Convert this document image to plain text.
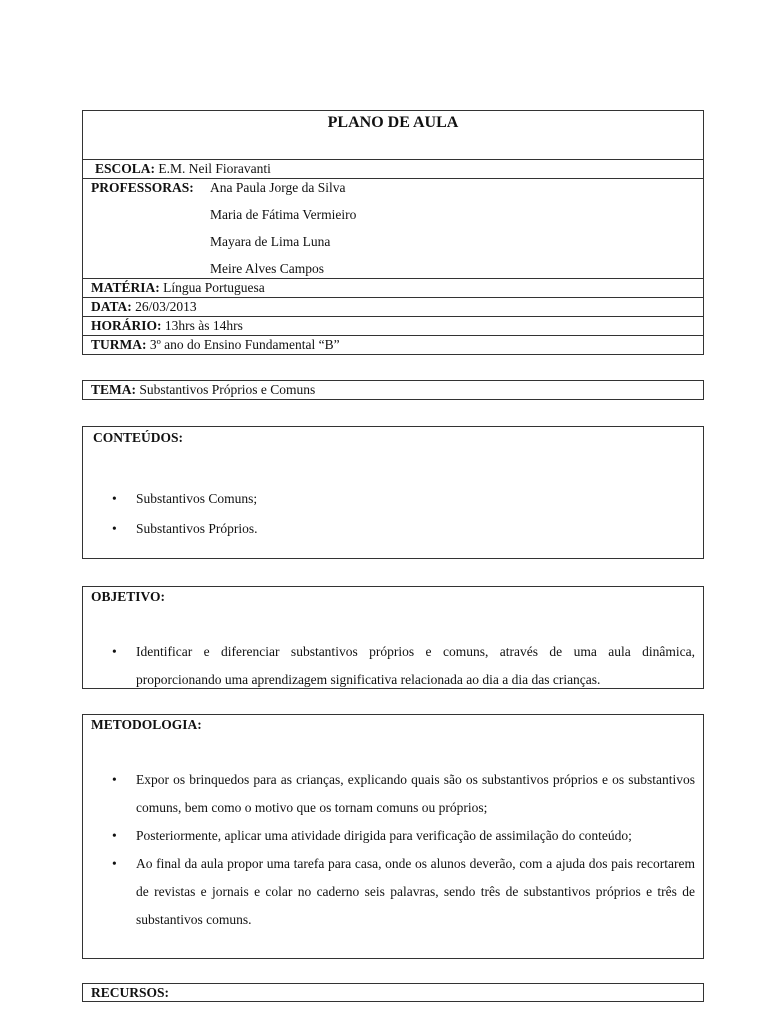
PLANO DE AULA
ESCOLA: E.M. Neil Fioravanti
PROFESSORAS: Ana Paula Jorge da Silva
Maria de Fátima Vermieiro
Mayara de Lima Luna
Meire Alves Campos
MATÉRIA: Língua Portuguesa
DATA: 26/03/2013
HORÁRIO: 13hrs às 14hrs
TURMA: 3º ano do Ensino Fundamental “B”
TEMA: Substantivos Próprios e Comuns
CONTEÚDOS:
• Substantivos Comuns;
• Substantivos Próprios.
OBJETIVO:
• Identificar e diferenciar substantivos próprios e comuns, através de uma aula dinâmica, proporcionando uma aprendizagem significativa relacionada ao dia a dia das crianças.
METODOLOGIA:
• Expor os brinquedos para as crianças, explicando quais são os substantivos próprios e os substantivos comuns, bem como o motivo que os tornam comuns ou próprios;
• Posteriormente, aplicar uma atividade dirigida para verificação de assimilação do conteúdo;
• Ao final da aula propor uma tarefa para casa, onde os alunos deverão, com a ajuda dos pais recortarem de revistas e jornais e colar no caderno seis palavras, sendo três de substantivos próprios e três de substantivos comuns.
RECURSOS:
